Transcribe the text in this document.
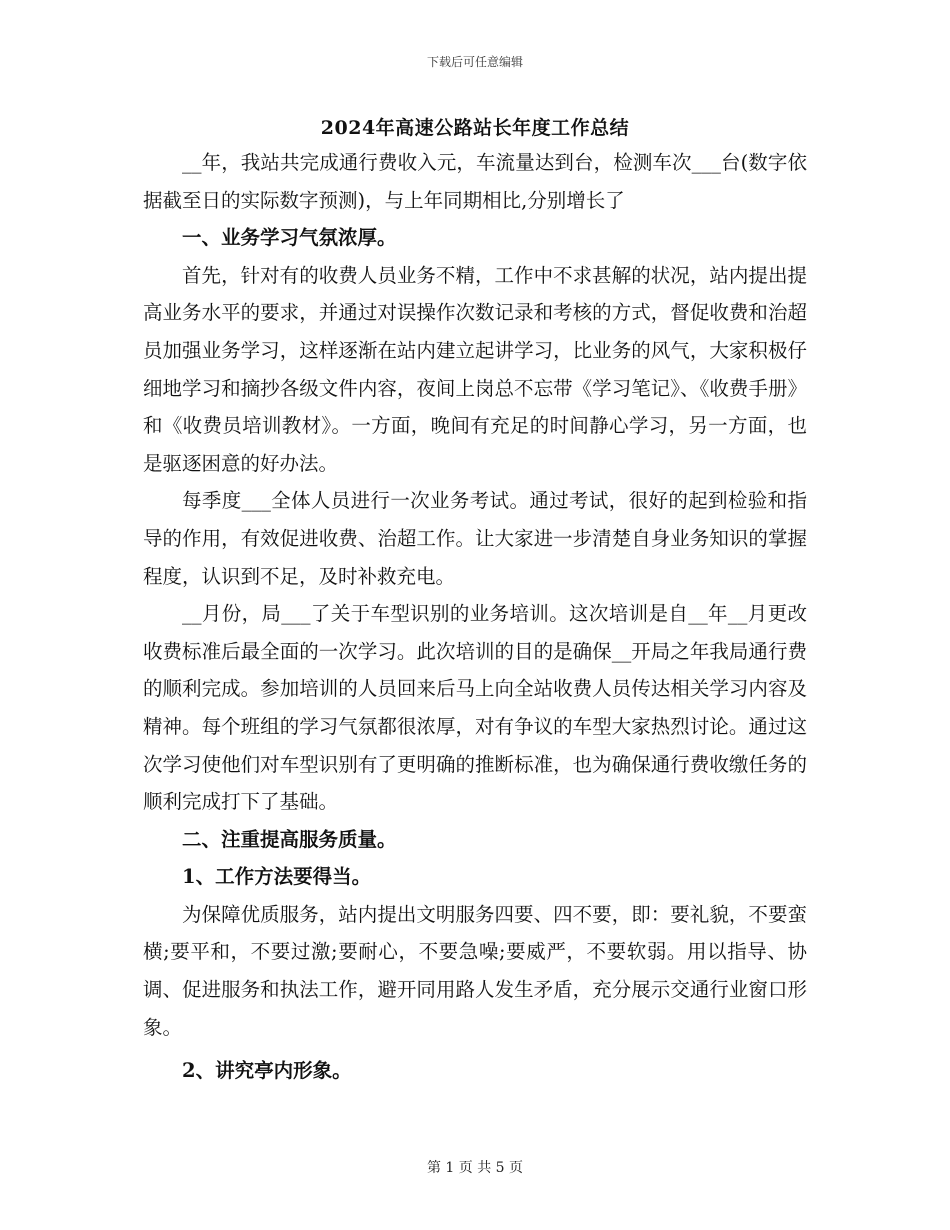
下载后可任意编辑
2024年高速公路站长年度工作总结

__年，我站共完成通行费收入元，车流量达到台，检测车次___台(数字依据截至日的实际数字预测)，与上年同期相比,分别增长了

一、业务学习气氛浓厚。

首先，针对有的收费人员业务不精，工作中不求甚解的状况，站内提出提高业务水平的要求，并通过对误操作次数记录和考核的方式，督促收费和治超员加强业务学习，这样逐渐在站内建立起讲学习，比业务的风气，大家积极仔细地学习和摘抄各级文件内容，夜间上岗总不忘带《学习笔记》、《收费手册》和《收费员培训教材》。一方面，晚间有充足的时间静心学习，另一方面，也是驱逐困意的好办法。

每季度___全体人员进行一次业务考试。通过考试，很好的起到检验和指导的作用，有效促进收费、治超工作。让大家进一步清楚自身业务知识的掌握程度，认识到不足，及时补救充电。

__月份，局___了关于车型识别的业务培训。这次培训是自__年__月更改收费标准后最全面的一次学习。此次培训的目的是确保__开局之年我局通行费的顺利完成。参加培训的人员回来后马上向全站收费人员传达相关学习内容及精神。每个班组的学习气氛都很浓厚，对有争议的车型大家热烈讨论。通过这次学习使他们对车型识别有了更明确的推断标准，也为确保通行费收缴任务的顺利完成打下了基础。

二、注重提高服务质量。

1、工作方法要得当。

为保障优质服务，站内提出文明服务四要、四不要，即：要礼貌，不要蛮横;要平和，不要过激;要耐心，不要急噪;要威严，不要软弱。用以指导、协调、促进服务和执法工作，避开同用路人发生矛盾，充分展示交通行业窗口形象。

2、讲究亭内形象。

第 1 页 共 5 页
